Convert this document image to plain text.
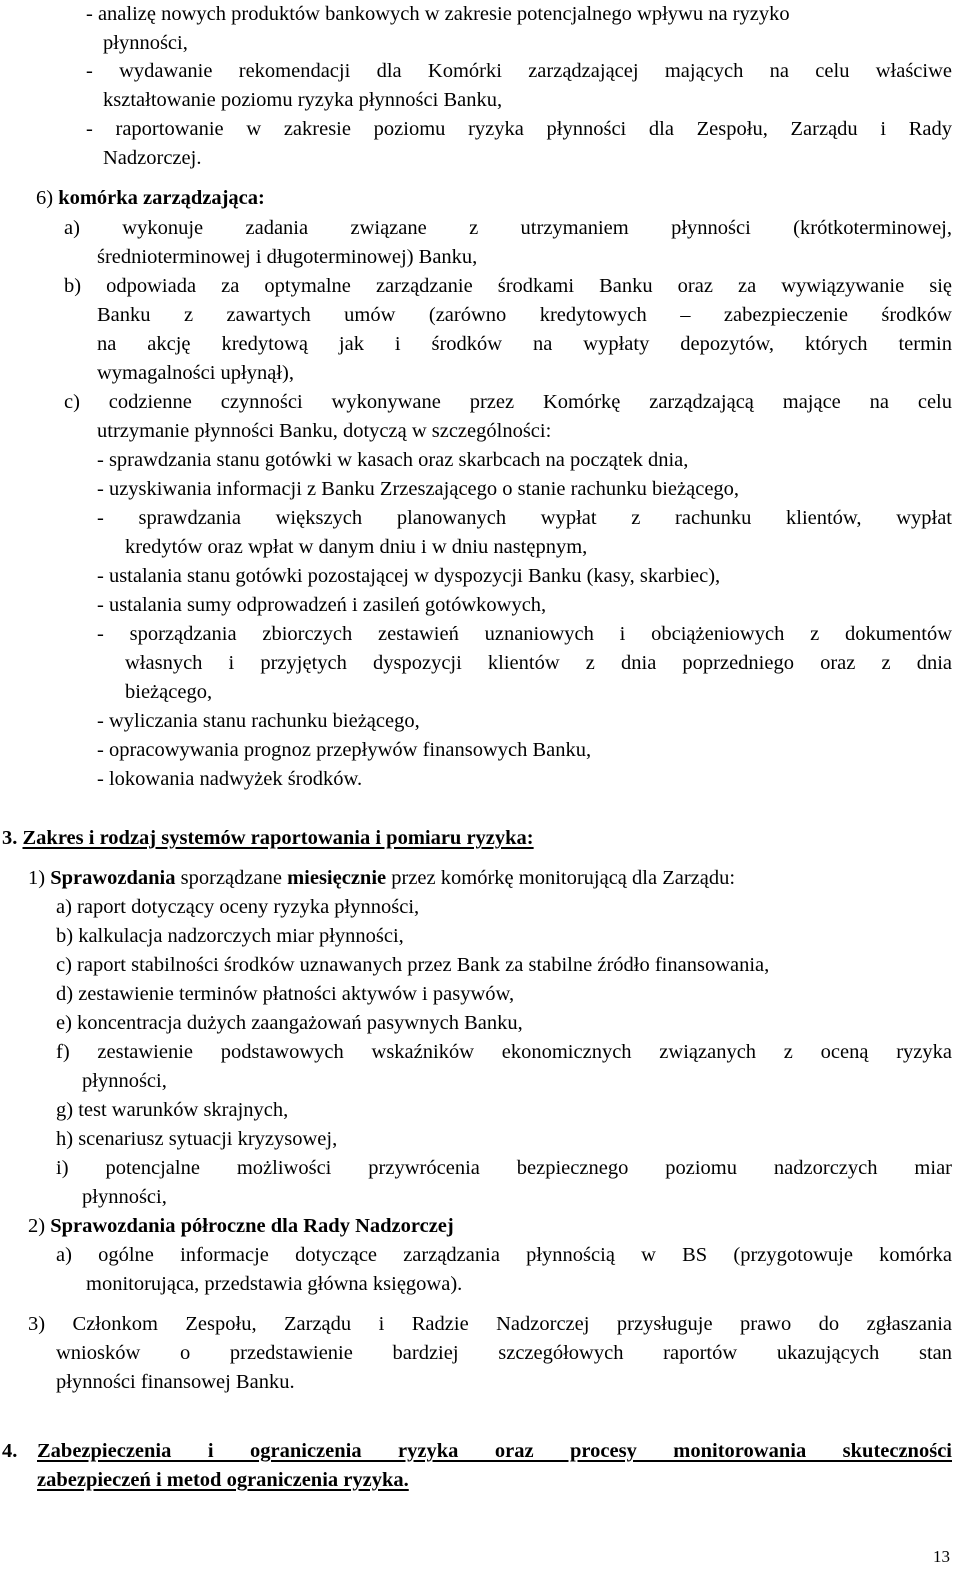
- analizę nowych produktów bankowych w zakresie potencjalnego wpływu na ryzyko
płynności,
- wydawanie rekomendacji dla Komórki zarządzającej mających na celu właściwe
kształtowanie poziomu ryzyka płynności Banku,
- raportowanie w zakresie poziomu ryzyka płynności dla Zespołu, Zarządu i Rady
Nadzorczej.
6) komórka zarządzająca:
a) wykonuje zadania związane z utrzymaniem płynności (krótkoterminowej,
średnioterminowej i długoterminowej) Banku,
b) odpowiada za optymalne zarządzanie środkami Banku oraz za wywiązywanie się
Banku z zawartych umów (zarówno kredytowych – zabezpieczenie środków
na akcję kredytową jak i środków na wypłaty depozytów, których termin
wymagalności upłynął),
c) codzienne czynności wykonywane przez Komórkę zarządzającą mające na celu
utrzymanie płynności Banku, dotyczą w szczególności:
- sprawdzania stanu gotówki w kasach oraz skarbcach na początek dnia,
- uzyskiwania informacji z Banku Zrzeszającego o stanie rachunku bieżącego,
- sprawdzania większych planowanych wypłat z rachunku klientów, wypłat
kredytów oraz wpłat w danym dniu i w dniu następnym,
- ustalania stanu gotówki pozostającej w dyspozycji Banku (kasy, skarbiec),
- ustalania sumy odprowadzeń i zasileń gotówkowych,
- sporządzania zbiorczych zestawień uznaniowych i obciążeniowych z dokumentów
własnych i przyjętych dyspozycji klientów z dnia poprzedniego oraz z dnia
bieżącego,
- wyliczania stanu rachunku bieżącego,
- opracowywania prognoz przepływów finansowych Banku,
- lokowania nadwyżek środków.
3. Zakres i rodzaj systemów raportowania i pomiaru ryzyka:
1) Sprawozdania sporządzane miesięcznie przez komórkę monitorującą dla Zarządu:
a) raport dotyczący oceny ryzyka płynności,
b) kalkulacja nadzorczych miar płynności,
c) raport stabilności środków uznawanych przez Bank za stabilne źródło finansowania,
d) zestawienie terminów płatności aktywów i pasywów,
e) koncentracja dużych zaangażowań pasywnych Banku,
f) zestawienie podstawowych wskaźników ekonomicznych związanych z oceną ryzyka
płynności,
g) test warunków skrajnych,
h) scenariusz sytuacji kryzysowej,
i) potencjalne możliwości przywrócenia bezpiecznego poziomu nadzorczych miar
płynności,
2) Sprawozdania półroczne dla Rady Nadzorczej
a) ogólne informacje dotyczące zarządzania płynnością w BS (przygotowuje komórka
monitorująca, przedstawia główna księgowa).
3) Członkom Zespołu, Zarządu i Radzie Nadzorczej przysługuje prawo do zgłaszania
wniosków o przedstawienie bardziej szczegółowych raportów ukazujących stan
płynności finansowej Banku.
4. Zabezpieczenia i ograniczenia ryzyka oraz procesy monitorowania skuteczności
zabezpieczeń i metod ograniczenia ryzyka.
13
